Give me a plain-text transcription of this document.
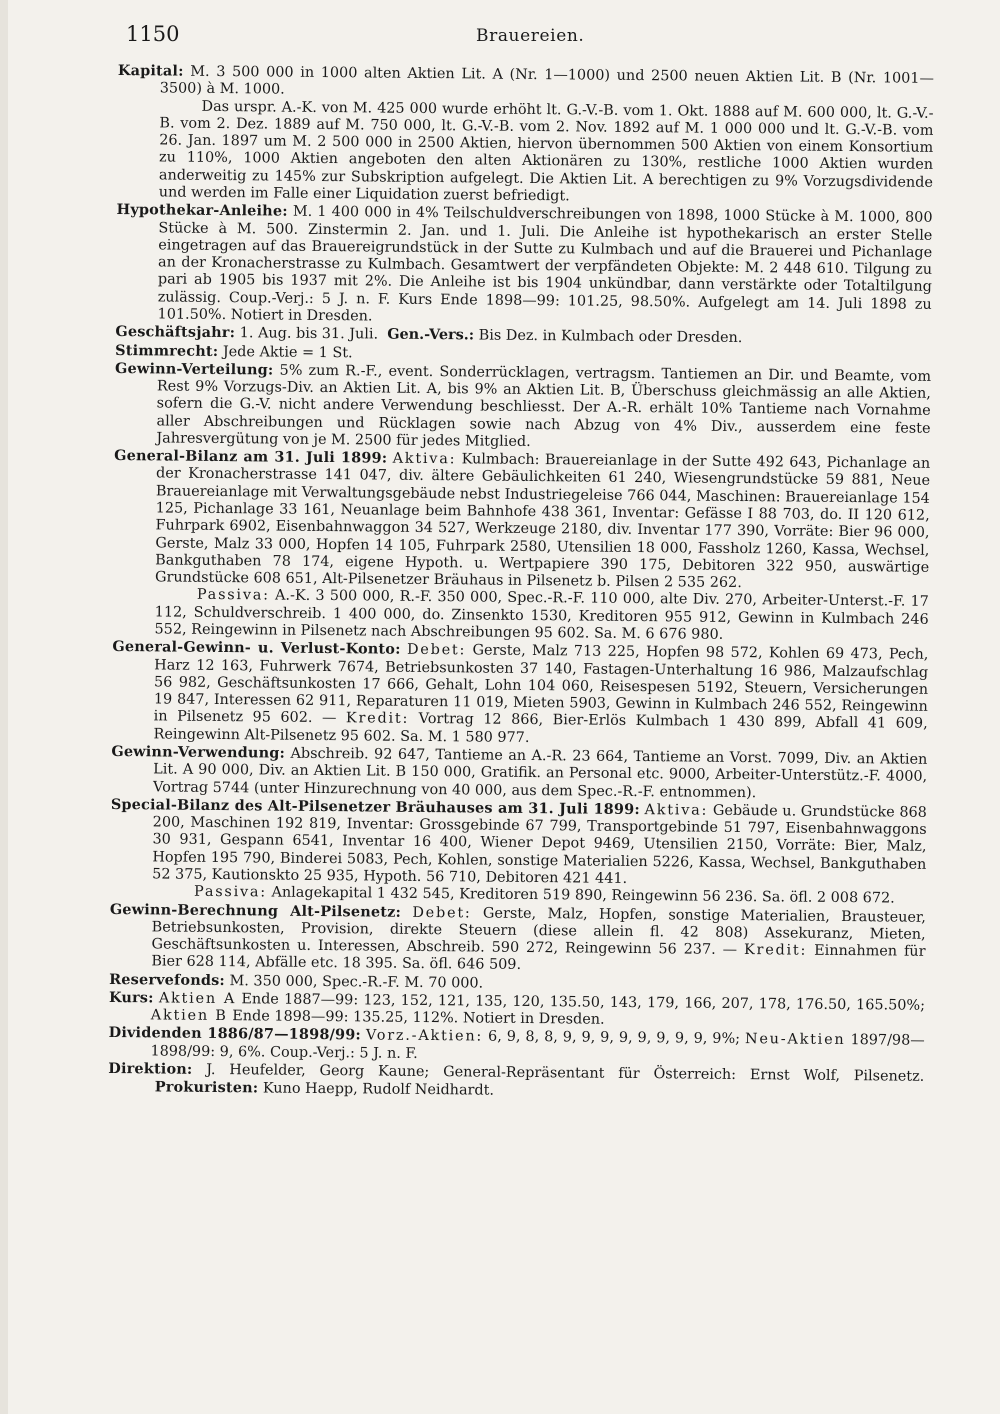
1150	Brauereien.

Kapital: M. 3 500 000 in 1000 alten Aktien Lit. A (Nr. 1—1000) und 2500 neuen Aktien Lit. B (Nr. 1001—3500) à M. 1000.
Das urspr. A.-K. von M. 425 000 wurde erhöht lt. G.-V.-B. vom 1. Okt. 1888 auf M. 600 000, lt. G.-V.-B. vom 2. Dez. 1889 auf M. 750 000, lt. G.-V.-B. vom 2. Nov. 1892 auf M. 1 000 000 und lt. G.-V.-B. vom 26. Jan. 1897 um M. 2 500 000 in 2500 Aktien, hiervon übernommen 500 Aktien von einem Konsortium zu 110%, 1000 Aktien angeboten den alten Aktionären zu 130%, restliche 1000 Aktien wurden anderweitig zu 145% zur Subskription aufgelegt. Die Aktien Lit. A berechtigen zu 9% Vorzugsdividende und werden im Falle einer Liquidation zuerst befriedigt.

Hypothekar-Anleihe: M. 1 400 000 in 4% Teilschuldverschreibungen von 1898, 1000 Stücke à M. 1000, 800 Stücke à M. 500. Zinstermin 2. Jan. und 1. Juli. Die Anleihe ist hypothekarisch an erster Stelle eingetragen auf das Brauereigrundstück in der Sutte zu Kulmbach und auf die Brauerei und Pichanlage an der Kronacherstrasse zu Kulmbach. Gesamtwert der verpfändeten Objekte: M. 2 448 610. Tilgung zu pari ab 1905 bis 1937 mit 2%. Die Anleihe ist bis 1904 unkündbar, dann verstärkte oder Totaltilgung zulässig. Coup.-Verj.: 5 J. n. F. Kurs Ende 1898—99: 101.25, 98.50%. Aufgelegt am 14. Juli 1898 zu 101.50%. Notiert in Dresden.

Geschäftsjahr: 1. Aug. bis 31. Juli. Gen.-Vers.: Bis Dez. in Kulmbach oder Dresden.

Stimmrecht: Jede Aktie = 1 St.

Gewinn-Verteilung: 5% zum R.-F., event. Sonderrücklagen, vertragsm. Tantiemen an Dir. und Beamte, vom Rest 9% Vorzugs-Div. an Aktien Lit. A, bis 9% an Aktien Lit. B, Überschuss gleichmässig an alle Aktien, sofern die G.-V. nicht andere Verwendung beschliesst. Der A.-R. erhält 10% Tantieme nach Vornahme aller Abschreibungen und Rücklagen sowie nach Abzug von 4% Div., ausserdem eine feste Jahresvergütung von je M. 2500 für jedes Mitglied.

General-Bilanz am 31. Juli 1899: Aktiva: Kulmbach: Brauereianlage in der Sutte 492 643, Pichanlage an der Kronacherstrasse 141 047, div. ältere Gebäulichkeiten 61 240, Wiesengrundstücke 59 881, Neue Brauereianlage mit Verwaltungsgebäude nebst Industriegeleise 766 044, Maschinen: Brauereianlage 154 125, Pichanlage 33 161, Neuanlage beim Bahnhofe 438 361, Inventar: Gefässe I 88 703, do. II 120 612, Fuhrpark 6902, Eisenbahnwaggon 34 527, Werkzeuge 2180, div. Inventar 177 390, Vorräte: Bier 96 000, Gerste, Malz 33 000, Hopfen 14 105, Fuhrpark 2580, Utensilien 18 000, Fassholz 1260, Kassa, Wechsel, Bankguthaben 78 174, eigene Hypoth. u. Wertpapiere 390 175, Debitoren 322 950, auswärtige Grundstücke 608 651, Alt-Pilsenetzer Bräuhaus in Pilsenetz b. Pilsen 2 535 262.
Passiva: A.-K. 3 500 000, R.-F. 350 000, Spec.-R.-F. 110 000, alte Div. 270, Arbeiter-Unterst.-F. 17 112, Schuldverschreib. 1 400 000, do. Zinsenkto 1530, Kreditoren 955 912, Gewinn in Kulmbach 246 552, Reingewinn in Pilsenetz nach Abschreibungen 95 602. Sa. M. 6 676 980.

General-Gewinn- u. Verlust-Konto: Debet: Gerste, Malz 713 225, Hopfen 98 572, Kohlen 69 473, Pech, Harz 12 163, Fuhrwerk 7674, Betriebsunkosten 37 140, Fastagen-Unterhaltung 16 986, Malzaufschlag 56 982, Geschäftsunkosten 17 666, Gehalt, Lohn 104 060, Reisespesen 5192, Steuern, Versicherungen 19 847, Interessen 62 911, Reparaturen 11 019, Mieten 5903, Gewinn in Kulmbach 246 552, Reingewinn in Pilsenetz 95 602. — Kredit: Vortrag 12 866, Bier-Erlös Kulmbach 1 430 899, Abfall 41 609, Reingewinn Alt-Pilsenetz 95 602. Sa. M. 1 580 977.

Gewinn-Verwendung: Abschreib. 92 647, Tantieme an A.-R. 23 664, Tantieme an Vorst. 7099, Div. an Aktien Lit. A 90 000, Div. an Aktien Lit. B 150 000, Gratifik. an Personal etc. 9000, Arbeiter-Unterstütz.-F. 4000, Vortrag 5744 (unter Hinzurechnung von 40 000, aus dem Spec.-R.-F. entnommen).

Special-Bilanz des Alt-Pilsenetzer Bräuhauses am 31. Juli 1899: Aktiva: Gebäude u. Grundstücke 868 200, Maschinen 192 819, Inventar: Grossgebinde 67 799, Transportgebinde 51 797, Eisenbahnwaggons 30 931, Gespann 6541, Inventar 16 400, Wiener Depot 9469, Utensilien 2150, Vorräte: Bier, Malz, Hopfen 195 790, Binderei 5083, Pech, Kohlen, sonstige Materialien 5226, Kassa, Wechsel, Bankguthaben 52 375, Kautionskto 25 935, Hypoth. 56 710, Debitoren 421 441.
Passiva: Anlagekapital 1 432 545, Kreditoren 519 890, Reingewinn 56 236. Sa. öfl. 2 008 672.

Gewinn-Berechnung Alt-Pilsenetz: Debet: Gerste, Malz, Hopfen, sonstige Materialien, Brausteuer, Betriebsunkosten, Provision, direkte Steuern (diese allein fl. 42 808) Assekuranz, Mieten, Geschäftsunkosten u. Interessen, Abschreib. 590 272, Reingewinn 56 237. — Kredit: Einnahmen für Bier 628 114, Abfälle etc. 18 395. Sa. öfl. 646 509.

Reservefonds: M. 350 000, Spec.-R.-F. M. 70 000.

Kurs: Aktien A Ende 1887—99: 123, 152, 121, 135, 120, 135.50, 143, 179, 166, 207, 178, 176.50, 165.50%; Aktien B Ende 1898—99: 135.25, 112%. Notiert in Dresden.

Dividenden 1886/87—1898/99: Vorz.-Aktien: 6, 9, 8, 8, 9, 9, 9, 9, 9, 9, 9, 9, 9%; Neu-Aktien 1897/98—1898/99: 9, 6%. Coup.-Verj.: 5 J. n. F.

Direktion: J. Heufelder, Georg Kaune; General-Repräsentant für Österreich: Ernst Wolf, Pilsenetz.  Prokuristen: Kuno Haepp, Rudolf Neidhardt.
